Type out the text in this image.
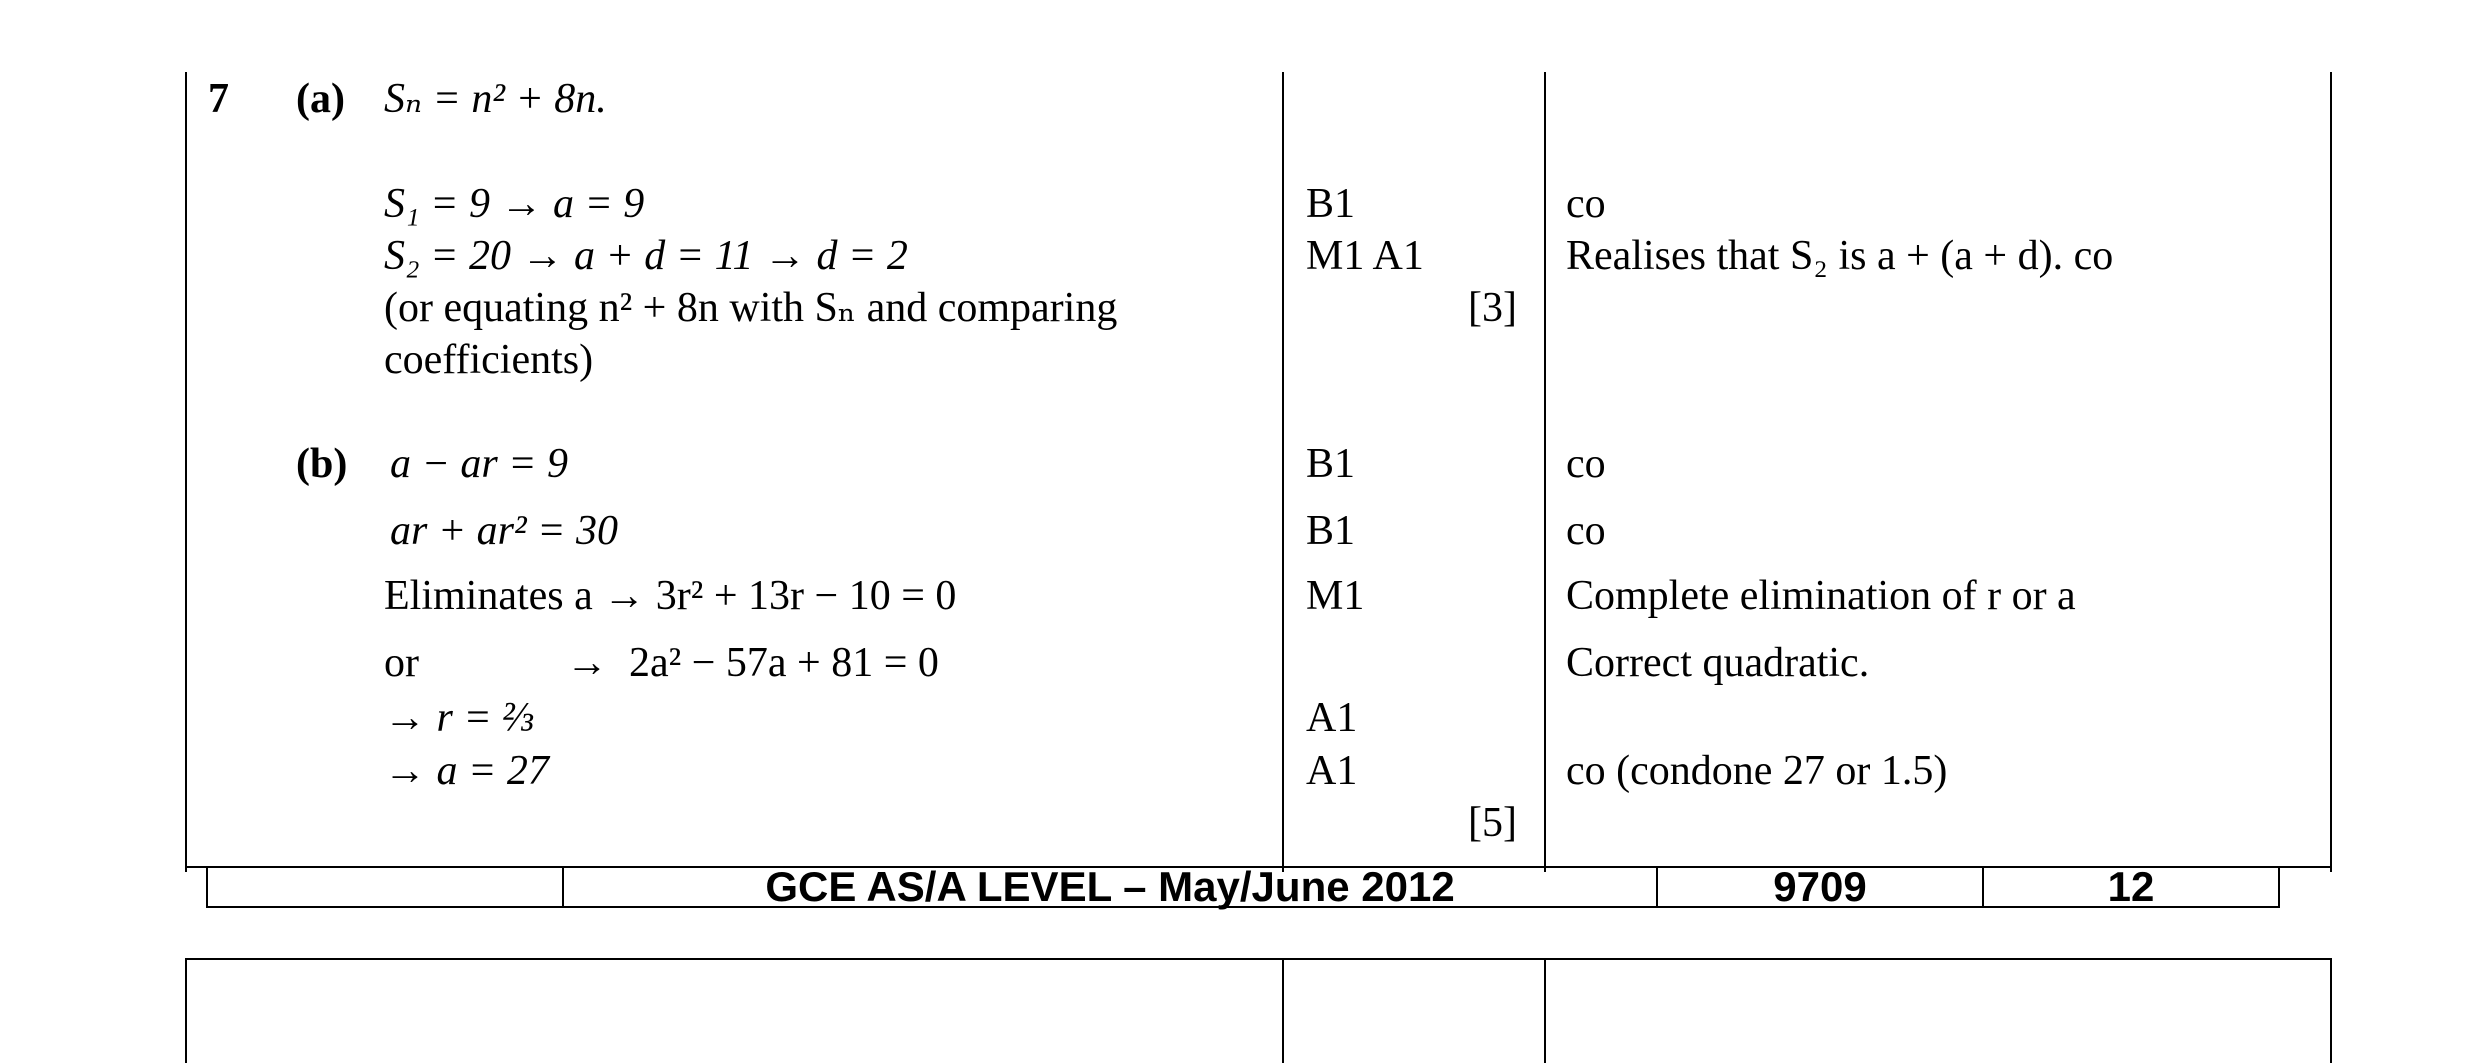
7 (a) Sₙ = n² + 8n.
S₁ = 9 → a = 9
S₂ = 20 → a + d = 11 → d = 2
(or equating n² + 8n with Sₙ and comparing
coefficients)
B1
M1 A1
[3]
co
Realises that S₂ is a + (a + d). co
(b) a − ar = 9
ar + ar² = 30
Eliminates a → 3r² + 13r − 10 = 0
or              →  2a² − 57a + 81 = 0
→ r = ⅔
→ a = 27
B1
B1
M1
A1
A1
[5]
co
co
Complete elimination of r or a
Correct quadratic.
co (condone 27 or 1.5)
GCE AS/A LEVEL – May/June 2012	9709	12
